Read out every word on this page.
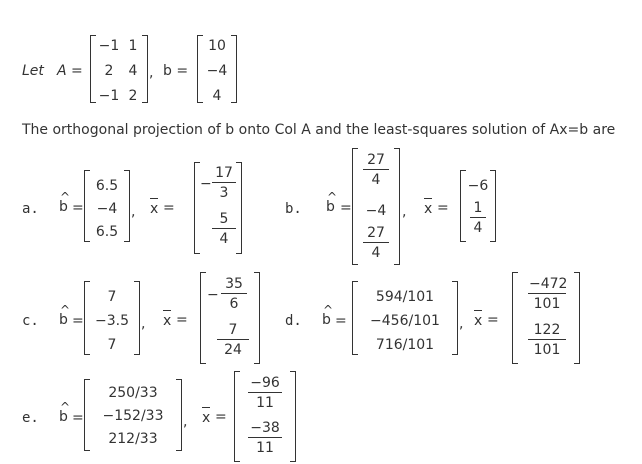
Let A =
−1 1
2 4
−1 2
, b =
10
−4
4
The orthogonal projection of b onto Col A and the least-squares solution of Ax=b are
a. b
^
=
6.5
−4
6.5
, x =
− $\frac{17}{3}$
$\frac{5}{4}$
b. b
^
=
$\frac{27}{4}$
−4
$\frac{27}{4}$
, x =
−6
$\frac{1}{4}$
c. b
^
=
7
−3.5
7
, x =
− $\frac{35}{6}$
$\frac{7}{24}$
d. b
^
=
594/101
−456/101
716/101
, x =
$\frac{-472}{101}$
$\frac{122}{101}$
e. b
^
=
250/33
−152/33
212/33
, x =
$\frac{-96}{11}$
$\frac{-38}{11}$
